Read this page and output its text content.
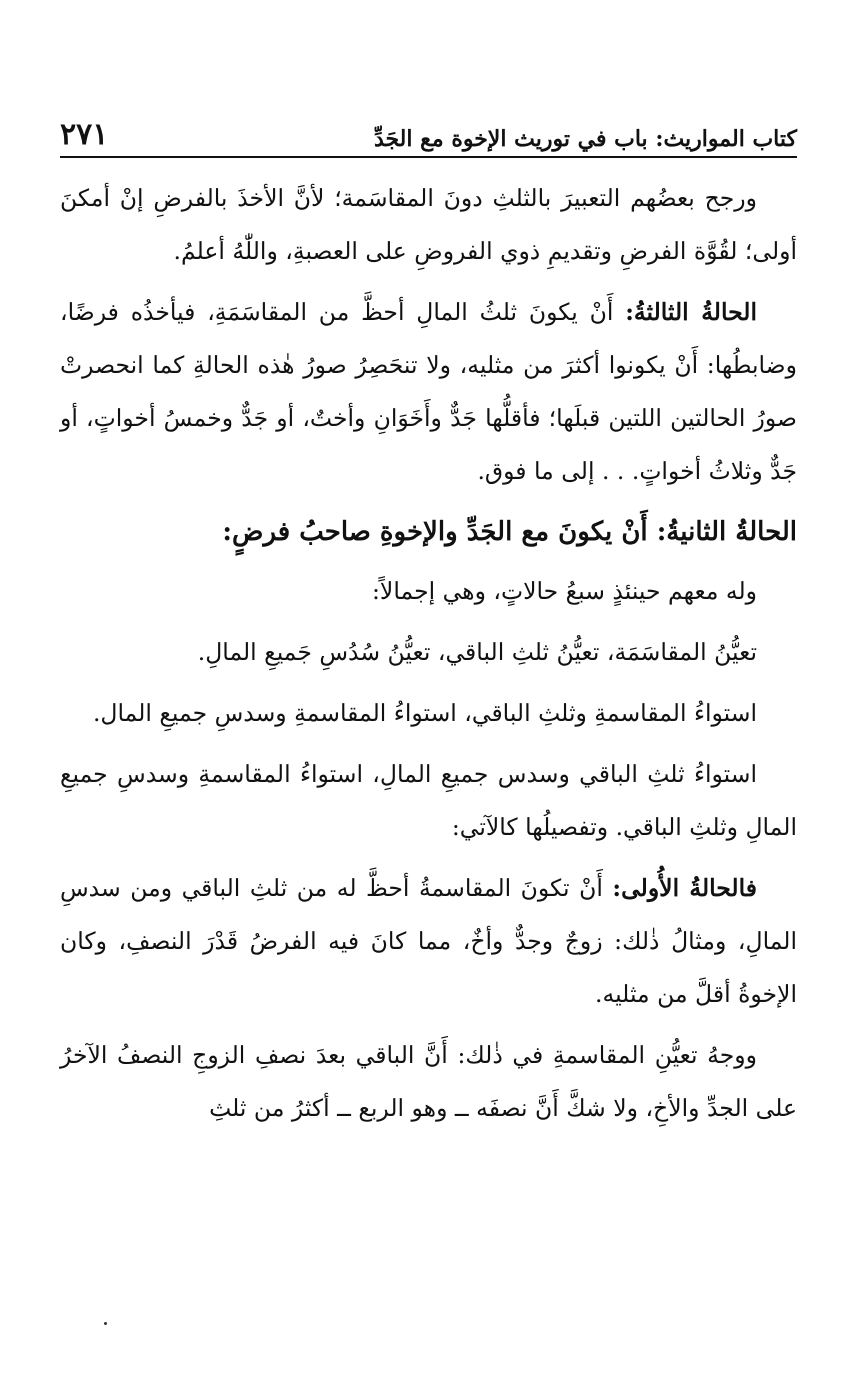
كتاب المواريث: باب في توريث الإخوة مع الجَدِّ
٢٧١

ورجح بعضُهم التعبيرَ بالثلثِ دونَ المقاسَمة؛ لأنَّ الأخذَ بالفرضِ إنْ أمكنَ أولى؛ لقُوَّة الفرضِ وتقديمِ ذوي الفروضِ على العصبةِ، واللّٰهُ أعلمُ.

الحالةُ الثالثةُ: أَنْ يكونَ ثلثُ المالِ أحظَّ من المقاسَمَةِ، فيأخذُه فرضًا، وضابطُها: أَنْ يكونوا أكثرَ من مثليه، ولا تنحَصِرُ صورُ هٰذه الحالةِ كما انحصرتْ صورُ الحالتين اللتين قبلَها؛ فأقلُّها جَدٌّ وأَخَوَانِ وأختٌ، أو جَدٌّ وخمسُ أخواتٍ، أو جَدٌّ وثلاثُ أخواتٍ. . . إلى ما فوق.

الحالةُ الثانيةُ: أَنْ يكونَ مع الجَدِّ والإخوةِ صاحبُ فرضٍ:

وله معهم حينئذٍ سبعُ حالاتٍ، وهي إجمالاً:

تعيُّنُ المقاسَمَة، تعيُّنُ ثلثِ الباقي، تعيُّنُ سُدُسِ جَميعِ المالِ.

استواءُ المقاسمةِ وثلثِ الباقي، استواءُ المقاسمةِ وسدسِ جميعِ المال.

استواءُ ثلثِ الباقي وسدس جميعِ المالِ، استواءُ المقاسمةِ وسدسِ جميعِ المالِ وثلثِ الباقي. وتفصيلُها كالآتي:

فالحالةُ الأُولى: أَنْ تكونَ المقاسمةُ أحظَّ له من ثلثِ الباقي ومن سدسِ المالِ، ومثالُ ذٰلك: زوجٌ وجدٌّ وأخٌ، مما كانَ فيه الفرضُ قَدْرَ النصفِ، وكان الإخوةُ أقلَّ من مثليه.

ووجهُ تعيُّنِ المقاسمةِ في ذٰلك: أَنَّ الباقي بعدَ نصفِ الزوجِ النصفُ الآخرُ على الجدِّ والأخِ، ولا شكَّ أَنَّ نصفَه ــ وهو الربع ــ أكثرُ من ثلثِ
